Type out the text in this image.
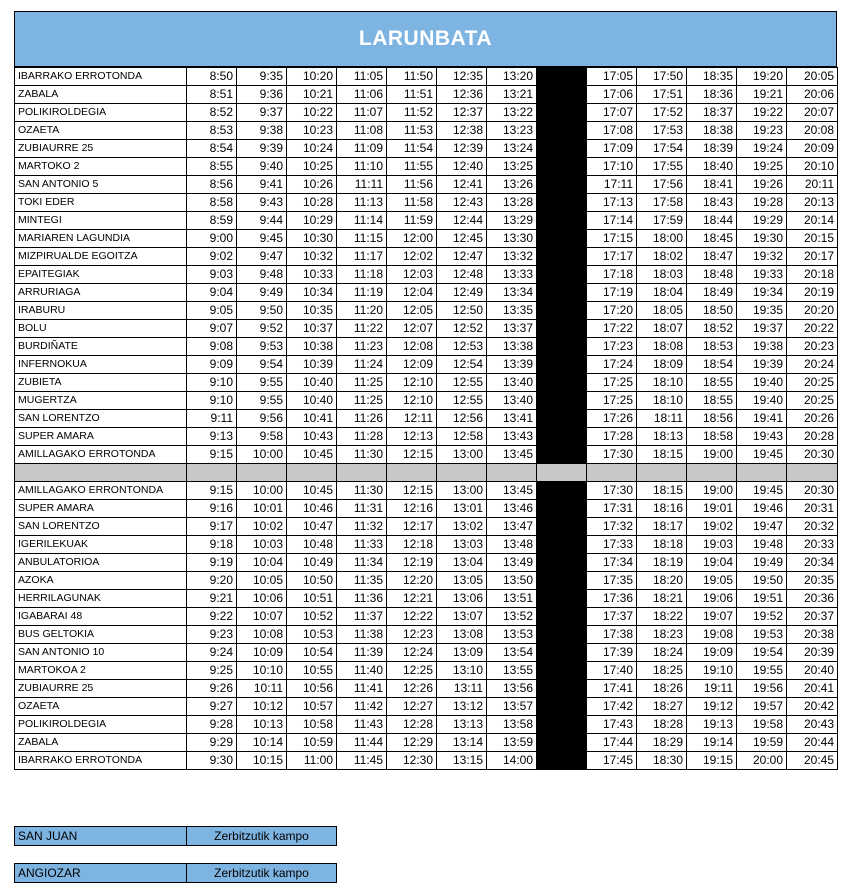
LARUNBATA
IBARRAKO ERROTONDA	8:50	9:35	10:20	11:05	11:50	12:35	13:20		17:05	17:50	18:35	19:20	20:05
ZABALA	8:51	9:36	10:21	11:06	11:51	12:36	13:21		17:06	17:51	18:36	19:21	20:06
POLIKIROLDEGIA	8:52	9:37	10:22	11:07	11:52	12:37	13:22		17:07	17:52	18:37	19:22	20:07
OZAETA	8:53	9:38	10:23	11:08	11:53	12:38	13:23		17:08	17:53	18:38	19:23	20:08
ZUBIAURRE 25	8:54	9:39	10:24	11:09	11:54	12:39	13:24		17:09	17:54	18:39	19:24	20:09
MARTOKO 2	8:55	9:40	10:25	11:10	11:55	12:40	13:25		17:10	17:55	18:40	19:25	20:10
SAN ANTONIO 5	8:56	9:41	10:26	11:11	11:56	12:41	13:26		17:11	17:56	18:41	19:26	20:11
TOKI EDER	8:58	9:43	10:28	11:13	11:58	12:43	13:28		17:13	17:58	18:43	19:28	20:13
MINTEGI	8:59	9:44	10:29	11:14	11:59	12:44	13:29		17:14	17:59	18:44	19:29	20:14
MARIAREN LAGUNDIA	9:00	9:45	10:30	11:15	12:00	12:45	13:30		17:15	18:00	18:45	19:30	20:15
MIZPIRUALDE EGOITZA	9:02	9:47	10:32	11:17	12:02	12:47	13:32		17:17	18:02	18:47	19:32	20:17
EPAITEGIAK	9:03	9:48	10:33	11:18	12:03	12:48	13:33		17:18	18:03	18:48	19:33	20:18
ARRURIAGA	9:04	9:49	10:34	11:19	12:04	12:49	13:34		17:19	18:04	18:49	19:34	20:19
IRABURU	9:05	9:50	10:35	11:20	12:05	12:50	13:35		17:20	18:05	18:50	19:35	20:20
BOLU	9:07	9:52	10:37	11:22	12:07	12:52	13:37		17:22	18:07	18:52	19:37	20:22
BURDIÑATE	9:08	9:53	10:38	11:23	12:08	12:53	13:38		17:23	18:08	18:53	19:38	20:23
INFERNOKUA	9:09	9:54	10:39	11:24	12:09	12:54	13:39		17:24	18:09	18:54	19:39	20:24
ZUBIETA	9:10	9:55	10:40	11:25	12:10	12:55	13:40		17:25	18:10	18:55	19:40	20:25
MUGERTZA	9:10	9:55	10:40	11:25	12:10	12:55	13:40		17:25	18:10	18:55	19:40	20:25
SAN LORENTZO	9:11	9:56	10:41	11:26	12:11	12:56	13:41		17:26	18:11	18:56	19:41	20:26
SUPER AMARA	9:13	9:58	10:43	11:28	12:13	12:58	13:43		17:28	18:13	18:58	19:43	20:28
AMILLAGAKO ERROTONDA	9:15	10:00	10:45	11:30	12:15	13:00	13:45		17:30	18:15	19:00	19:45	20:30

AMILLAGAKO ERRONTONDA	9:15	10:00	10:45	11:30	12:15	13:00	13:45		17:30	18:15	19:00	19:45	20:30
SUPER AMARA	9:16	10:01	10:46	11:31	12:16	13:01	13:46		17:31	18:16	19:01	19:46	20:31
SAN LORENTZO	9:17	10:02	10:47	11:32	12:17	13:02	13:47		17:32	18:17	19:02	19:47	20:32
IGERILEKUAK	9:18	10:03	10:48	11:33	12:18	13:03	13:48		17:33	18:18	19:03	19:48	20:33
ANBULATORIOA	9:19	10:04	10:49	11:34	12:19	13:04	13:49		17:34	18:19	19:04	19:49	20:34
AZOKA	9:20	10:05	10:50	11:35	12:20	13:05	13:50		17:35	18:20	19:05	19:50	20:35
HERRILAGUNAK	9:21	10:06	10:51	11:36	12:21	13:06	13:51		17:36	18:21	19:06	19:51	20:36
IGABARAI 48	9:22	10:07	10:52	11:37	12:22	13:07	13:52		17:37	18:22	19:07	19:52	20:37
BUS GELTOKIA	9:23	10:08	10:53	11:38	12:23	13:08	13:53		17:38	18:23	19:08	19:53	20:38
SAN ANTONIO 10	9:24	10:09	10:54	11:39	12:24	13:09	13:54		17:39	18:24	19:09	19:54	20:39
MARTOKOA 2	9:25	10:10	10:55	11:40	12:25	13:10	13:55		17:40	18:25	19:10	19:55	20:40
ZUBIAURRE 25	9:26	10:11	10:56	11:41	12:26	13:11	13:56		17:41	18:26	19:11	19:56	20:41
OZAETA	9:27	10:12	10:57	11:42	12:27	13:12	13:57		17:42	18:27	19:12	19:57	20:42
POLIKIROLDEGIA	9:28	10:13	10:58	11:43	12:28	13:13	13:58		17:43	18:28	19:13	19:58	20:43
ZABALA	9:29	10:14	10:59	11:44	12:29	13:14	13:59		17:44	18:29	19:14	19:59	20:44
IBARRAKO ERROTONDA	9:30	10:15	11:00	11:45	12:30	13:15	14:00		17:45	18:30	19:15	20:00	20:45
SAN JUAN	Zerbitzutik kampo
ANGIOZAR	Zerbitzutik kampo
